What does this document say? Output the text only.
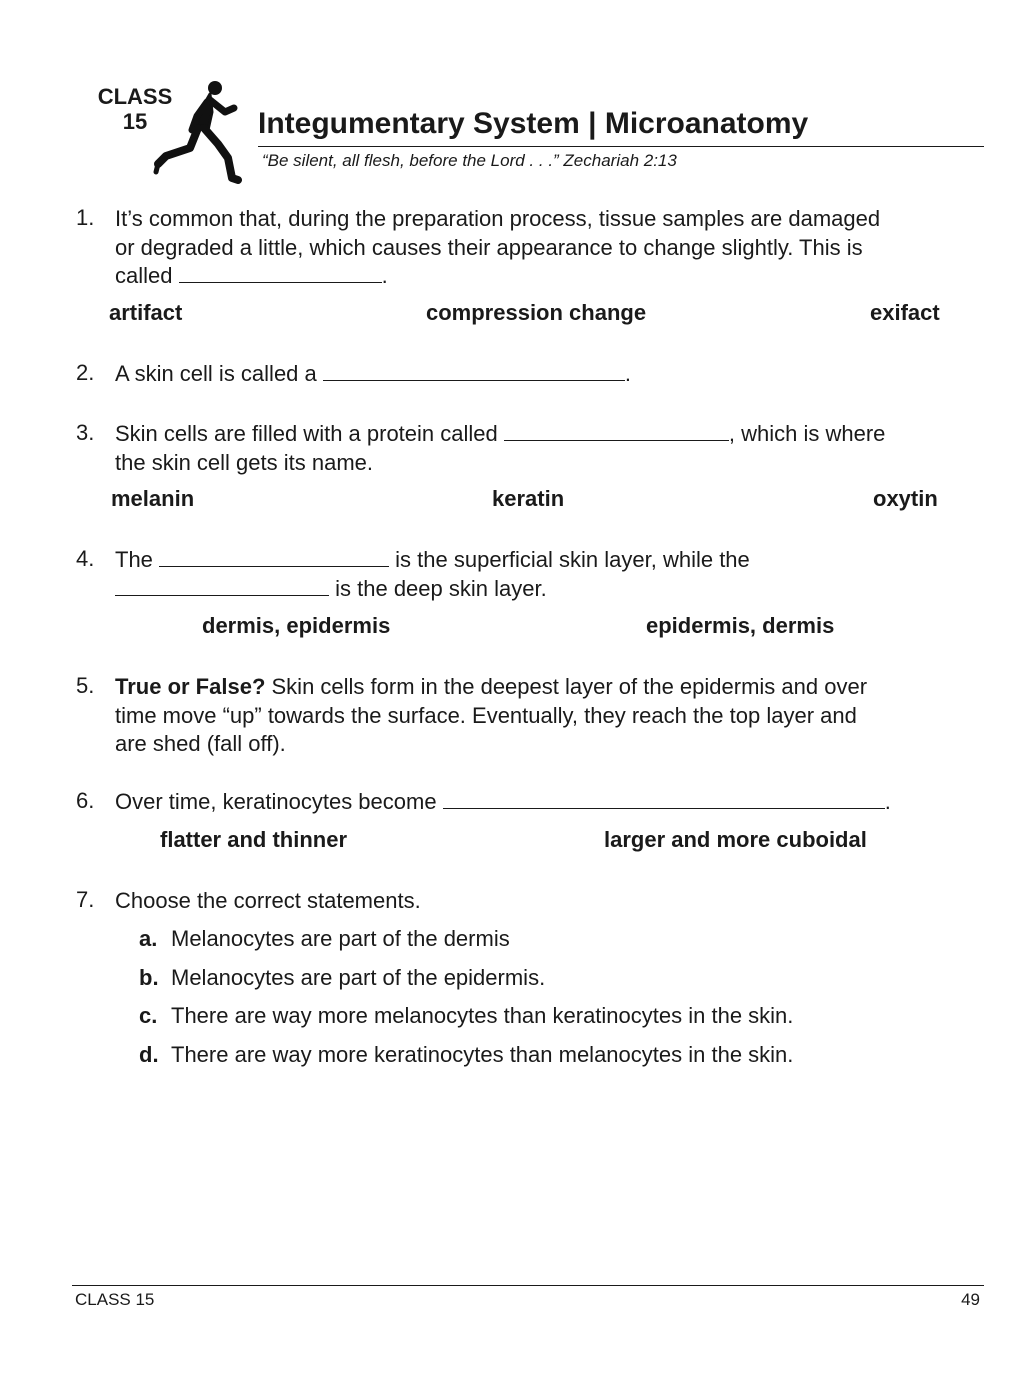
CLASS
15	Integumentary System | Microanatomy
“Be silent, all flesh, before the Lord . . .” Zechariah 2:13
1. It’s common that, during the preparation process, tissue samples are damaged
or degraded a little, which causes their appearance to change slightly. This is
called	.
artifact	compression change	exifact
2. A skin cell is called a	.
3. Skin cells are filled with a protein called	, which is where
the skin cell gets its name.
melanin	keratin	oxytin
4. The	is the superficial skin layer, while the
is the deep skin layer.
dermis, epidermis	epidermis, dermis
5. True or False? Skin cells form in the deepest layer of the epidermis and over
time move “up” towards the surface. Eventually, they reach the top layer and
are shed (fall off).
6. Over time, keratinocytes become	.
flatter and thinner	larger and more cuboidal
7. Choose the correct statements.
a. Melanocytes are part of the dermis
b. Melanocytes are part of the epidermis.
c. There are way more melanocytes than keratinocytes in the skin.
d. There are way more keratinocytes than melanocytes in the skin.
CLASS 15	49
